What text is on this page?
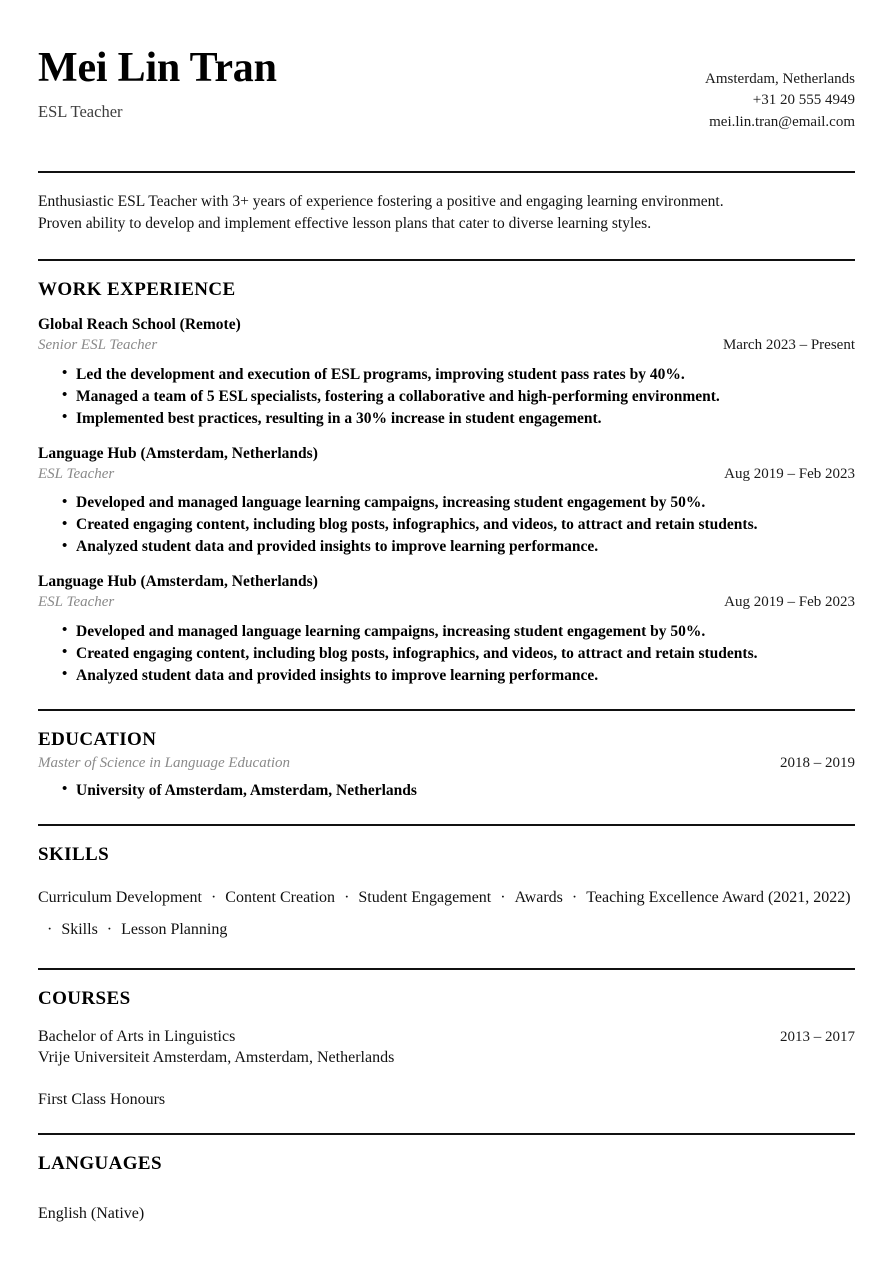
Mei Lin Tran
ESL Teacher
Amsterdam, Netherlands
+31 20 555 4949
mei.lin.tran@email.com
Enthusiastic ESL Teacher with 3+ years of experience fostering a positive and engaging learning environment.
Proven ability to develop and implement effective lesson plans that cater to diverse learning styles.
WORK EXPERIENCE
Global Reach School (Remote)
Senior ESL Teacher	March 2023 – Present
• Led the development and execution of ESL programs, improving student pass rates by 40%.
• Managed a team of 5 ESL specialists, fostering a collaborative and high-performing environment.
• Implemented best practices, resulting in a 30% increase in student engagement.
Language Hub (Amsterdam, Netherlands)
ESL Teacher	Aug 2019 – Feb 2023
• Developed and managed language learning campaigns, increasing student engagement by 50%.
• Created engaging content, including blog posts, infographics, and videos, to attract and retain students.
• Analyzed student data and provided insights to improve learning performance.
Language Hub (Amsterdam, Netherlands)
ESL Teacher	Aug 2019 – Feb 2023
• Developed and managed language learning campaigns, increasing student engagement by 50%.
• Created engaging content, including blog posts, infographics, and videos, to attract and retain students.
• Analyzed student data and provided insights to improve learning performance.
EDUCATION
Master of Science in Language Education	2018 – 2019
• University of Amsterdam, Amsterdam, Netherlands
SKILLS
Curriculum Development · Content Creation · Student Engagement · Awards · Teaching Excellence Award (2021, 2022)· Skills · Lesson Planning
COURSES
Bachelor of Arts in Linguistics	2013 – 2017
Vrije Universiteit Amsterdam, Amsterdam, Netherlands
First Class Honours
LANGUAGES
English (Native)
